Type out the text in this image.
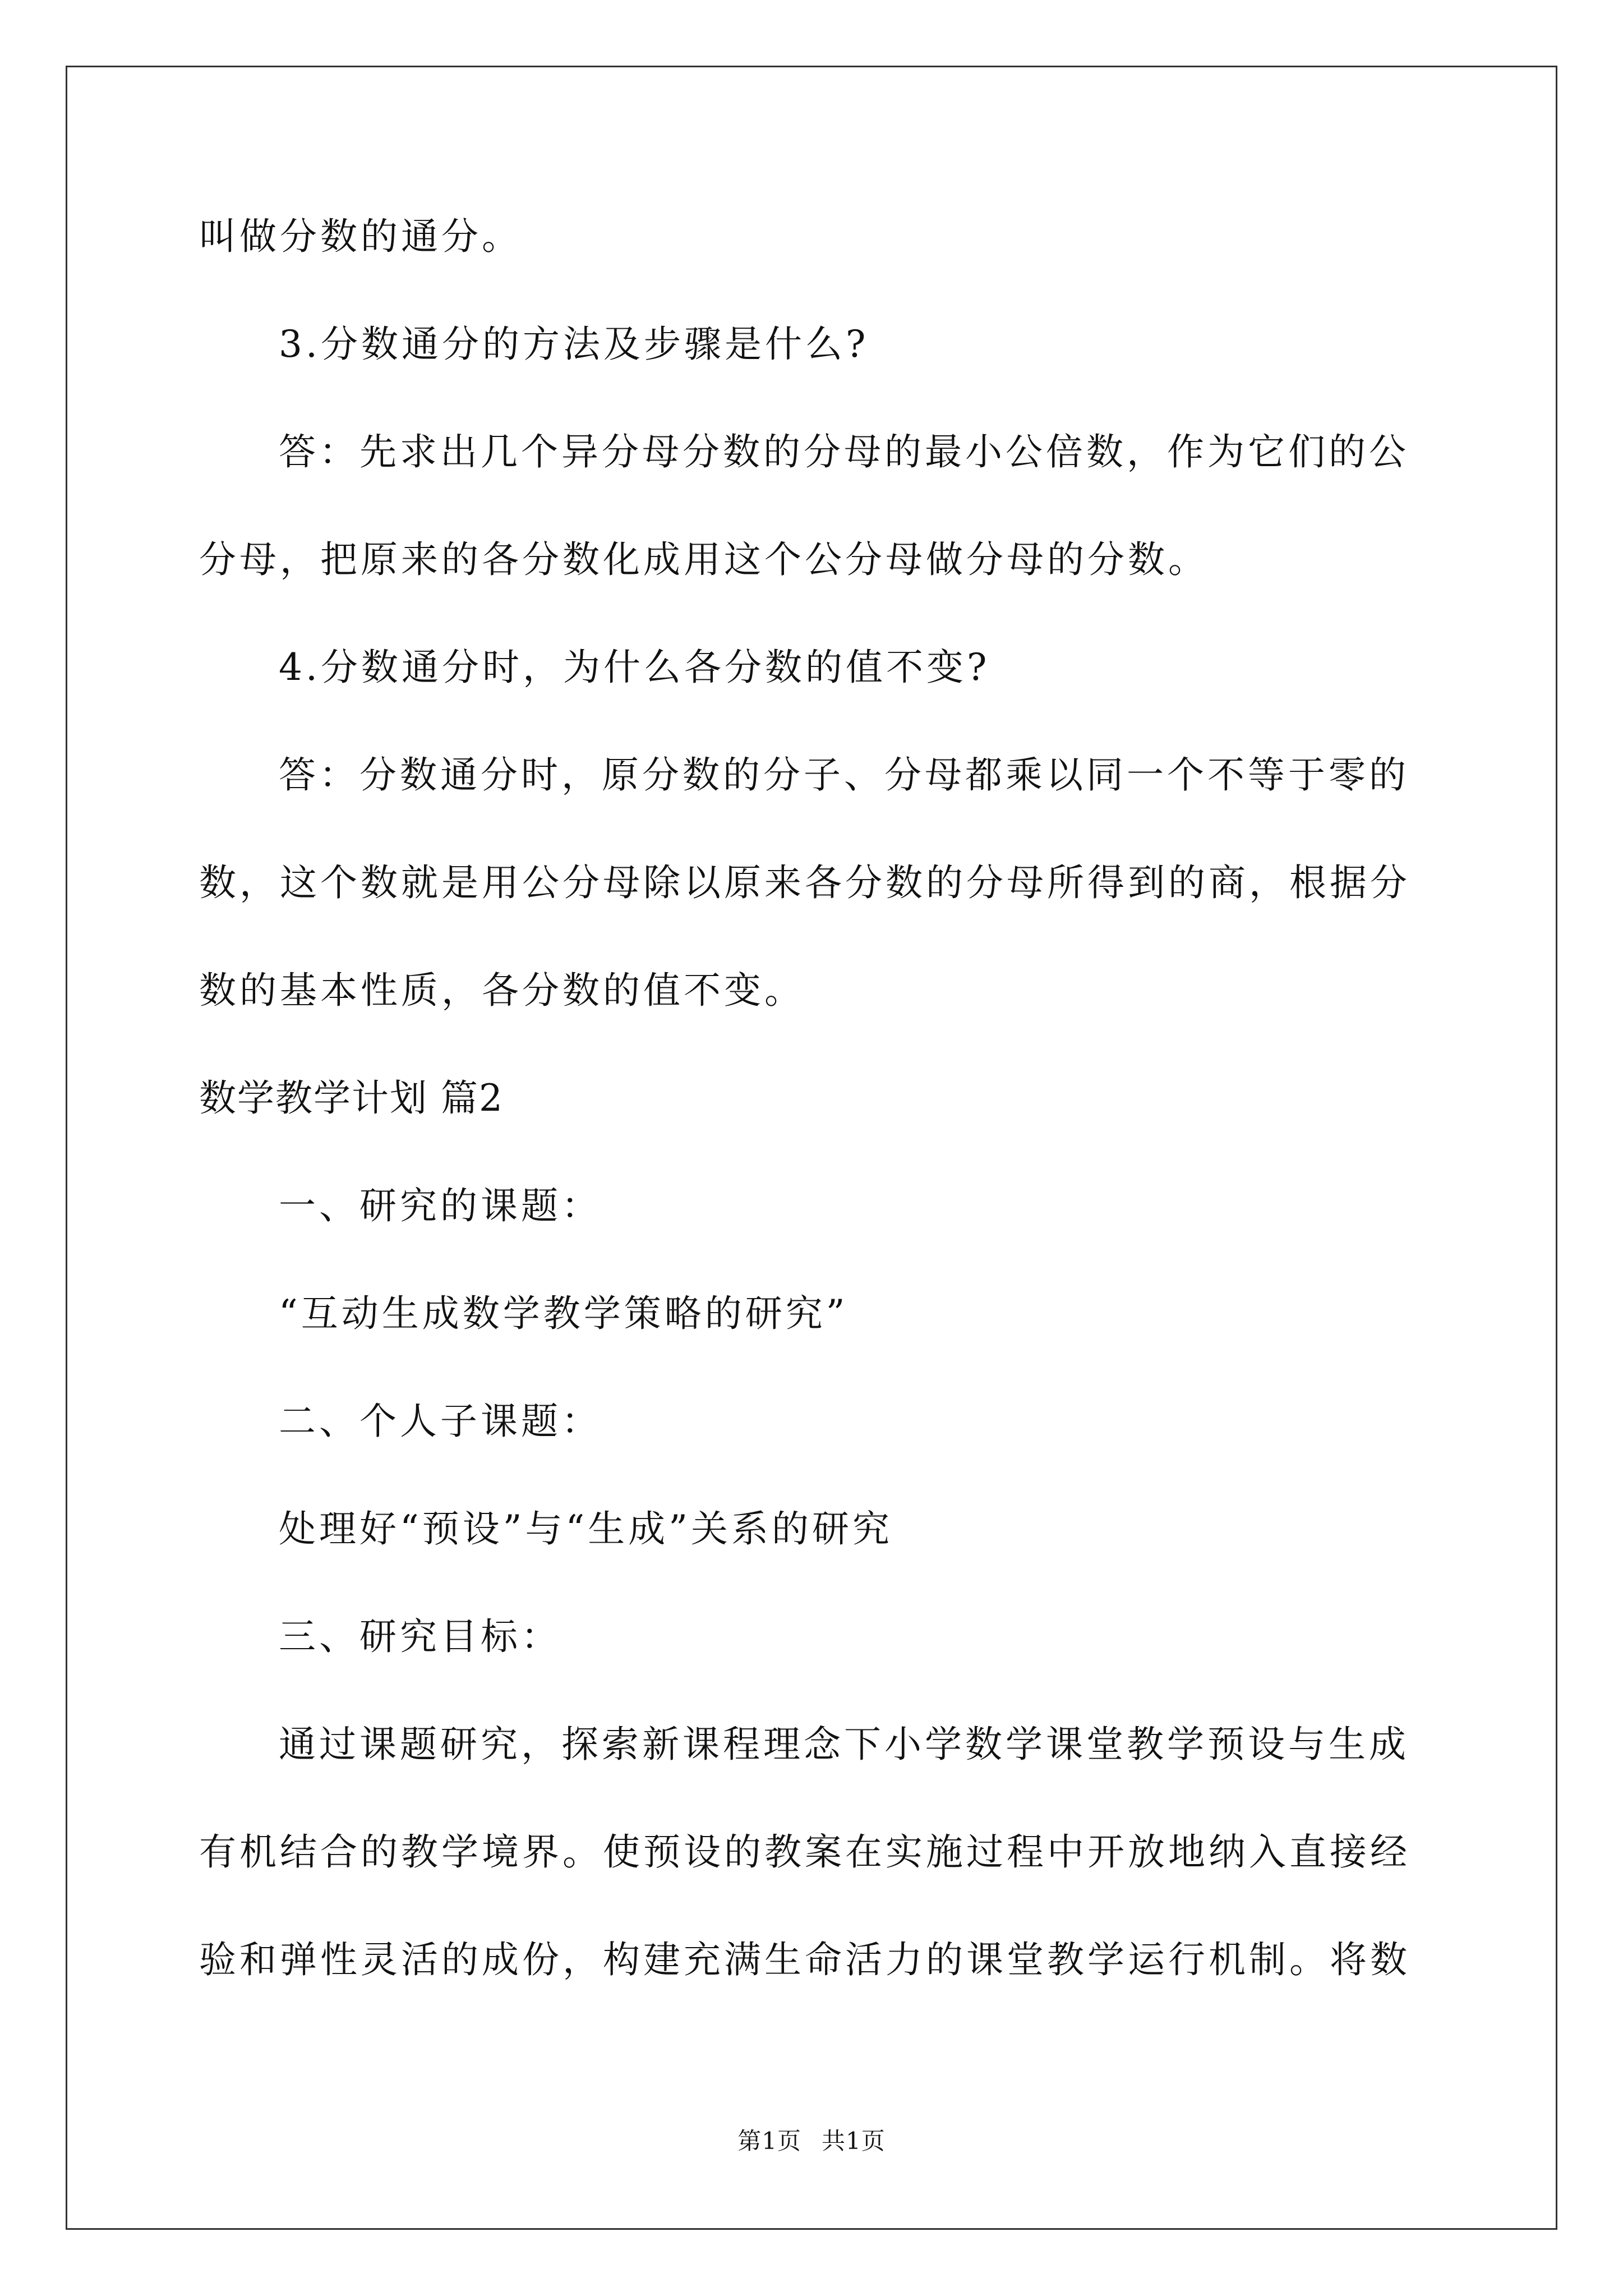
叫做分数的通分。
3.分数通分的方法及步骤是什么?
答：先求出几个异分母分数的分母的最小公倍数，作为它们的公
分母，把原来的各分数化成用这个公分母做分母的分数。
4.分数通分时，为什么各分数的值不变?
答：分数通分时，原分数的分子、分母都乘以同一个不等于零的
数，这个数就是用公分母除以原来各分数的分母所得到的商，根据分
数的基本性质，各分数的值不变。
数学教学计划 篇2
一、研究的课题：
“互动生成数学教学策略的研究”
二、个人子课题：
处理好“预设”与“生成”关系的研究
三、研究目标：
通过课题研究，探索新课程理念下小学数学课堂教学预设与生成
有机结合的教学境界。使预设的教案在实施过程中开放地纳入直接经
验和弹性灵活的成份，构建充满生命活力的课堂教学运行机制。将数
第1页 共1页
